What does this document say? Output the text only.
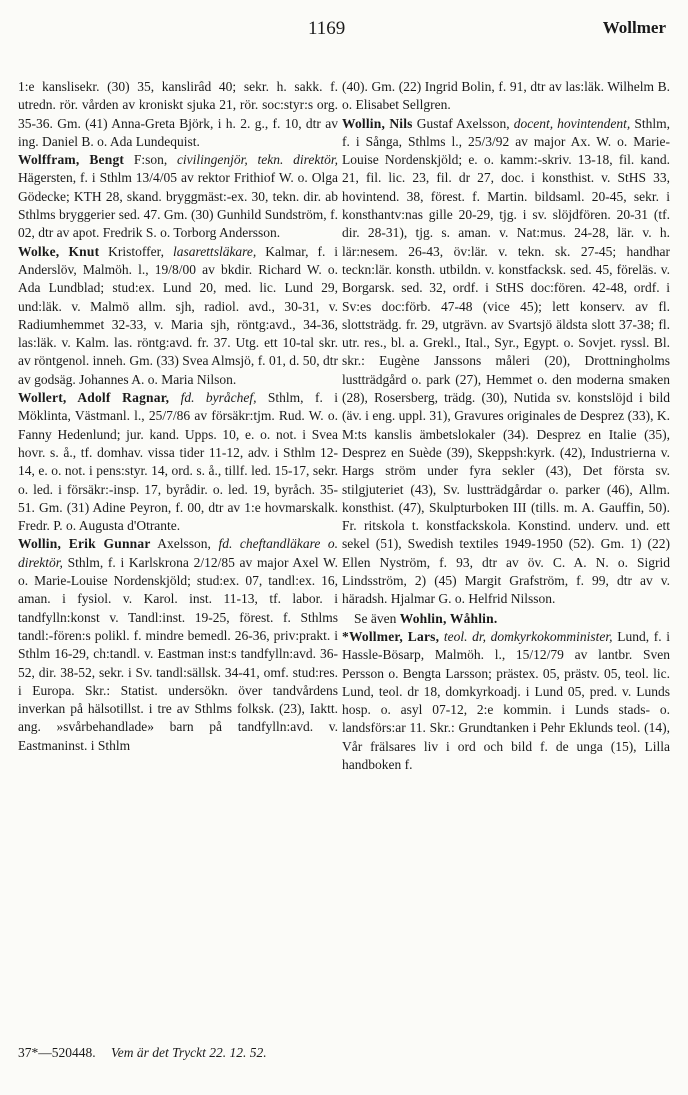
1169	Wollmer

1:e kanslisekr. (30) 35, kanslirâd 40; sekr. h. sakk. f. utredn. rör. vården av kroniskt sjuka 21, rör. soc:styr:s org. 35-36. Gm. (41) Anna-Greta Björk, i h. 2. g., f. 10, dtr av ing. Daniel B. o. Ada Lundequist.

Wolffram, Bengt F:son, civilingenjör, tekn. direktör, Hägersten, f. i Sthlm 13/4/05 av rektor Frithiof W. o. Olga Gödecke; KTH 28, skand. bryggmäst:-ex. 30, tekn. dir. ab Sthlms bryggerier sed. 47. Gm. (30) Gunhild Sundström, f. 02, dtr av apot. Fredrik S. o. Torborg Andersson.

Wolke, Knut Kristoffer, lasarettsläkare, Kalmar, f. i Anderslöv, Malmöh. l., 19/8/00 av bkdir. Richard W. o. Ada Lundblad; stud:ex. Lund 20, med. lic. Lund 29, und:läk. v. Malmö allm. sjh, radiol. avd., 30-31, v. Radiumhemmet 32-33, v. Maria sjh, röntg:avd., 34-36, las:läk. v. Kalm. las. röntg:avd. fr. 37. Utg. ett 10-tal skr. av röntgenol. inneh. Gm. (33) Svea Almsjö, f. 01, d. 50, dtr av godsäg. Johannes A. o. Maria Nilson.

Wollert, Adolf Ragnar, fd. byråchef, Sthlm, f. i Möklinta, Västmanl. l., 25/7/86 av försäkr:tjm. Rud. W. o. Fanny Hedenlund; jur. kand. Upps. 10, e. o. not. i Svea hovr. s. å., tf. domhav. vissa tider 11-12, adv. i Sthlm 12-14, e. o. not. i pens:styr. 14, ord. s. å., tillf. led. 15-17, sekr. o. led. i försäkr:-insp. 17, byrådir. o. led. 19, byråch. 35-51. Gm. (31) Adine Peyron, f. 00, dtr av 1:e hovmarskalk. Fredr. P. o. Augusta d'Otrante.

Wollin, Erik Gunnar Axelsson, fd. cheftandläkare o. direktör, Sthlm, f. i Karlskrona 2/12/85 av major Axel W. o. Marie-Louise Nordenskjöld; stud:ex. 07, tandl:ex. 16, aman. i fysiol. v. Karol. inst. 11-13, tf. labor. i tandfylln:konst v. Tandl:inst. 19-25, förest. f. Sthlms tandl:-fören:s polikl. f. mindre bemedl. 26-36, priv:prakt. i Sthlm 16-29, ch:tandl. v. Eastman inst:s tandfylln:avd. 36-52, dir. 38-52, sekr. i Sv. tandl:sällsk. 34-41, omf. stud:res. i Europa. Skr.: Statist. undersökn. över tandvårdens inverkan på hälsotillst. i tre av Sthlms folksk. (23), Iaktt. ang. »svårbehandlade» barn på tandfylln:avd. v. Eastmaninst. i Sthlm

(40). Gm. (22) Ingrid Bolin, f. 91, dtr av las:läk. Wilhelm B. o. Elisabet Sellgren.

Wollin, Nils Gustaf Axelsson, docent, hovintendent, Sthlm, f. i Sånga, Sthlms l., 25/3/92 av major Ax. W. o. Marie-Louise Nordenskjöld; e. o. kamm:-skriv. 13-18, fil. kand. 21, fil. lic. 23, fil. dr 27, doc. i konsthist. v. StHS 33, hovintend. 38, förest. f. Martin. bildsaml. 20-45, sekr. i konsthantv:nas gille 20-29, tjg. i sv. slöjdfören. 20-31 (tf. dir. 28-31), tjg. s. aman. v. Nat:mus. 24-28, lär. v. h. lär:nesem. 26-43, öv:lär. v. tekn. sk. 27-45; handhar teckn:lär. konsth. utbildn. v. konstfacksk. sed. 45, föreläs. v. Borgarsk. sed. 32, ordf. i StHS doc:fören. 42-48, ordf. i Sv:es doc:förb. 47-48 (vice 45); lett konserv. av fl. slottsträdg. fr. 29, utgrävn. av Svartsjö äldsta slott 37-38; fl. utr. res., bl. a. Grekl., Ital., Syr., Egypt. o. Sovjet. ryssl. Bl. skr.: Eugène Janssons måleri (20), Drottningholms lustträdgård o. park (27), Hemmet o. den moderna smaken (28), Rosersberg, trädg. (30), Nutida sv. konstslöjd i bild (äv. i eng. uppl. 31), Gravures originales de Desprez (33), K. M:ts kanslis ämbetslokaler (34). Desprez en Italie (35), Desprez en Suède (39), Skeppsh:kyrk. (42), Industrierna v. Hargs ström under fyra sekler (43), Det första sv. stilgjuteriet (43), Sv. lustträdgårdar o. parker (46), Allm. konsthist. (47), Skulpturboken III (tills. m. A. Gauffin, 50). Fr. ritskola t. konstfackskola. Konstind. underv. und. ett sekel (51), Swedish textiles 1949-1950 (52). Gm. 1) (22) Ellen Nyström, f. 93, dtr av öv. C. A. N. o. Sigrid Lindsström, 2) (45) Margit Grafström, f. 99, dtr av v. häradsh. Hjalmar G. o. Helfrid Nilsson.

Se även Wohlin, Wåhlin.

*Wollmer, Lars, teol. dr, domkyrkokomminister, Lund, f. i Hassle-Bösarp, Malmöh. l., 15/12/79 av lantbr. Sven Persson o. Bengta Larsson; prästex. 05, prästv. 05, teol. lic. Lund, teol. dr 18, domkyrkoadj. i Lund 05, pred. v. Lunds hosp. o. asyl 07-12, 2:e kommin. i Lunds stads- o. landsförs:ar 11. Skr.: Grundtanken i Pehr Eklunds teol. (14), Vår frälsares liv i ord och bild f. de unga (15), Lilla handboken f.

37*—520448. Vem är det Tryckt 22. 12. 52.
